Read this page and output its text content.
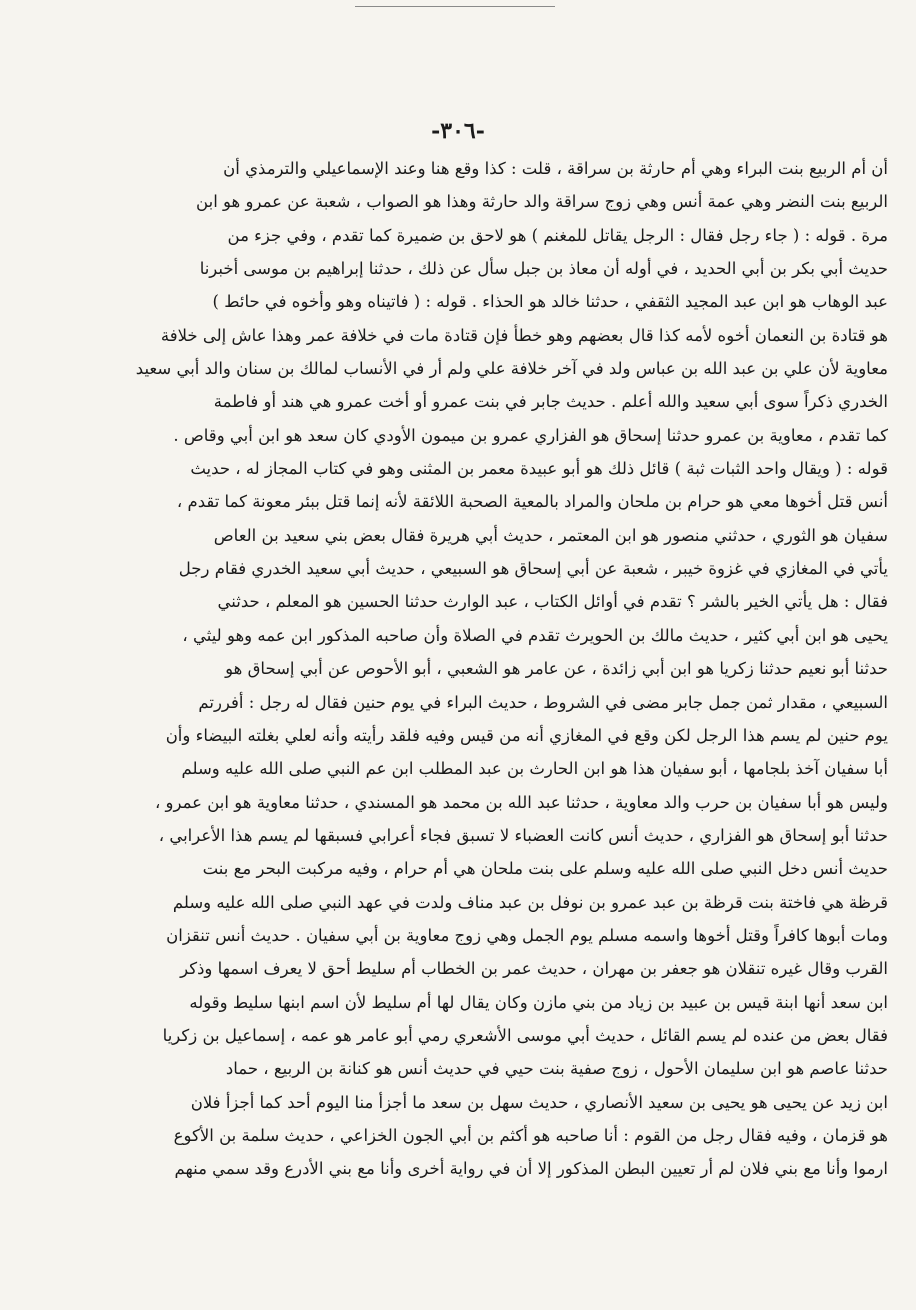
-٣٠٦-
أن أم الربيع بنت البراء وهي أم حارثة بن سراقة ، قلت : كذا وقع هنا وعند الإسماعيلي والترمذي أن
الربيع بنت النضر وهي عمة أنس وهي زوج سراقة والد حارثة وهذا هو الصواب ، شعبة عن عمرو هو ابن
مرة . قوله : ( جاء رجل فقال : الرجل يقاتل للمغنم ) هو لاحق بن ضميرة كما تقدم ، وفي جزء من
حديث أبي بكر بن أبي الحديد ، في أوله أن معاذ بن جبل سأل عن ذلك ، حدثنا إبراهيم بن موسى أخبرنا
عبد الوهاب هو ابن عبد المجيد الثقفي ، حدثنا خالد هو الحذاء . قوله : ( فاتيناه وهو وأخوه في حائط )
هو قتادة بن النعمان أخوه لأمه كذا قال بعضهم وهو خطأ فإن قتادة مات في خلافة عمر وهذا عاش إلى خلافة
معاوية لأن علي بن عبد الله بن عباس ولد في آخر خلافة علي ولم أر في الأنساب لمالك بن سنان والد أبي سعيد
الخدري ذكراً سوى أبي سعيد والله أعلم . حديث جابر في بنت عمرو أو أخت عمرو هي هند أو فاطمة
كما تقدم ، معاوية بن عمرو حدثنا إسحاق هو الفزاري عمرو بن ميمون الأودي كان سعد هو ابن أبي وقاص .
قوله : ( ويقال واحد الثبات ثبة ) قائل ذلك هو أبو عبيدة معمر بن المثنى وهو في كتاب المجاز له ، حديث
أنس قتل أخوها معي هو حرام بن ملحان والمراد بالمعية الصحبة اللائقة لأنه إنما قتل ببئر معونة كما تقدم ،
سفيان هو الثوري ، حدثني منصور هو ابن المعتمر ، حديث أبي هريرة فقال بعض بني سعيد بن العاص
يأتي في المغازي في غزوة خيبر ، شعبة عن أبي إسحاق هو السبيعي ، حديث أبي سعيد الخدري فقام رجل
فقال : هل يأتي الخير بالشر ؟ تقدم في أوائل الكتاب ، عبد الوارث حدثنا الحسين هو المعلم ، حدثني
يحيى هو ابن أبي كثير ، حديث مالك بن الحويرث تقدم في الصلاة وأن صاحبه المذكور ابن عمه وهو ليثي ،
حدثنا أبو نعيم حدثنا زكريا هو ابن أبي زائدة ، عن عامر هو الشعبي ، أبو الأحوص عن أبي إسحاق هو
السبيعي ، مقدار ثمن جمل جابر مضى في الشروط ، حديث البراء في يوم حنين فقال له رجل : أفررتم
يوم حنين لم يسم هذا الرجل لكن وقع في المغازي أنه من قيس وفيه فلقد رأيته وأنه لعلي بغلته البيضاء وأن
أبا سفيان آخذ بلجامها ، أبو سفيان هذا هو ابن الحارث بن عبد المطلب ابن عم النبي صلى الله عليه وسلم
وليس هو أبا سفيان بن حرب والد معاوية ، حدثنا عبد الله بن محمد هو المسندي ، حدثنا معاوية هو ابن عمرو ،
حدثنا أبو إسحاق هو الفزاري ، حديث أنس كانت العضباء لا تسبق فجاء أعرابي فسبقها لم يسم هذا الأعرابي ،
حديث أنس دخل النبي صلى الله عليه وسلم على بنت ملحان هي أم حرام ، وفيه مركبت البحر مع بنت
قرظة هي فاختة بنت قرظة بن عبد عمرو بن نوفل بن عبد مناف ولدت في عهد النبي صلى الله عليه وسلم
ومات أبوها كافراً وقتل أخوها واسمه مسلم يوم الجمل وهي زوج معاوية بن أبي سفيان . حديث أنس تنقزان
القرب وقال غيره تنقلان هو جعفر بن مهران ، حديث عمر بن الخطاب أم سليط أحق لا يعرف اسمها وذكر
ابن سعد أنها ابنة قيس بن عبيد بن زياد من بني مازن وكان يقال لها أم سليط لأن اسم ابنها سليط وقوله
فقال بعض من عنده لم يسم القائل ، حديث أبي موسى الأشعري رمي أبو عامر هو عمه ، إسماعيل بن زكريا
حدثنا عاصم هو ابن سليمان الأحول ، زوج صفية بنت حيي في حديث أنس هو كنانة بن الربيع ، حماد
ابن زيد عن يحيى هو يحيى بن سعيد الأنصاري ، حديث سهل بن سعد ما أجزأ منا اليوم أحد كما أجزأ فلان
هو قزمان ، وفيه فقال رجل من القوم : أنا صاحبه هو أكثم بن أبي الجون الخزاعي ، حديث سلمة بن الأكوع
ارموا وأنا مع بني فلان لم أر تعيين البطن المذكور إلا أن في رواية أخرى وأنا مع بني الأدرع وقد سمي منهم
